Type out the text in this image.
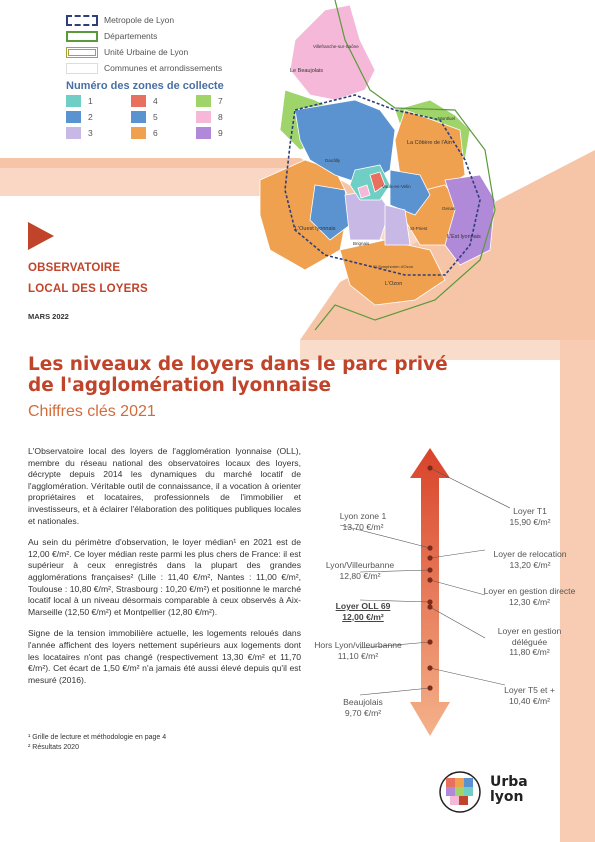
Metropole de Lyon
Départements
Unité Urbaine de Lyon
Communes et arrondissements
Numéro des zones de collecte
1	4	7
2	5	8
3	6	9
Villefranche-sur-Saône
Le Beaujolais
Montluel
La Côtière de l'Ain
Dardilly
Vaulx-en-Velin
Genas
L'Ouest lyonnais	St-Priest
L'Est lyonnais
Brignais
St-Symphorien d'Ozon
L'Ozon
OBSERVATOIRE
LOCAL DES LOYERS
MARS 2022
Les niveaux de loyers dans le parc privé
de l'agglomération lyonnaise
Chiffres clés 2021

L'Observatoire local des loyers de l'agglomération lyonnaise (OLL), membre du réseau national des observatoires locaux des loyers, décrypte depuis 2014 les dynamiques du marché locatif de l'agglomération. Véritable outil de connaissance, il a vocation à orienter propriétaires et locataires, professionnels de l'immobilier et investisseurs, et à éclairer l'élaboration des politiques publiques locales et nationales.

Au sein du périmètre d'observation, le loyer médian¹ en 2021 est de 12,00 €/m². Ce loyer médian reste parmi les plus chers de France: il est supérieur à ceux enregistrés dans la plupart des grandes agglomérations françaises² (Lille : 11,40 €/m², Nantes : 11,00 €/m², Toulouse : 10,80 €/m², Strasbourg : 10,20 €/m²) et positionne le marché locatif local à un niveau désormais comparable à ceux observés à Aix-Marseille (12,50 €/m²) et Montpellier (12,80 €/m²).

Signe de la tension immobilière actuelle, les logements reloués dans l'année affichent des loyers nettement supérieurs aux logements dont les locataires n'ont pas changé (respectivement 13,30 €/m² et 11,70 €/m²). Cet écart de 1,50 €/m² n'a jamais été aussi élevé depuis qu'il est mesuré (2016).

¹ Grille de lecture et méthodologie en page 4
² Résultats 2020
Lyon zone 1
13,70 €/m²
Lyon/Villeurbanne
12,80 €/m²
Loyer OLL 69
12,00 €/m²
Hors Lyon/villeurbanne
11,10 €/m²
Beaujolais
9,70 €/m²
Loyer T1
15,90 €/m²
Loyer de relocation
13,20 €/m²
Loyer en gestion directe
12,30 €/m²
Loyer en gestion déléguée
11,80 €/m²
Loyer T5 et +
10,40 €/m²
Urba
lyon
